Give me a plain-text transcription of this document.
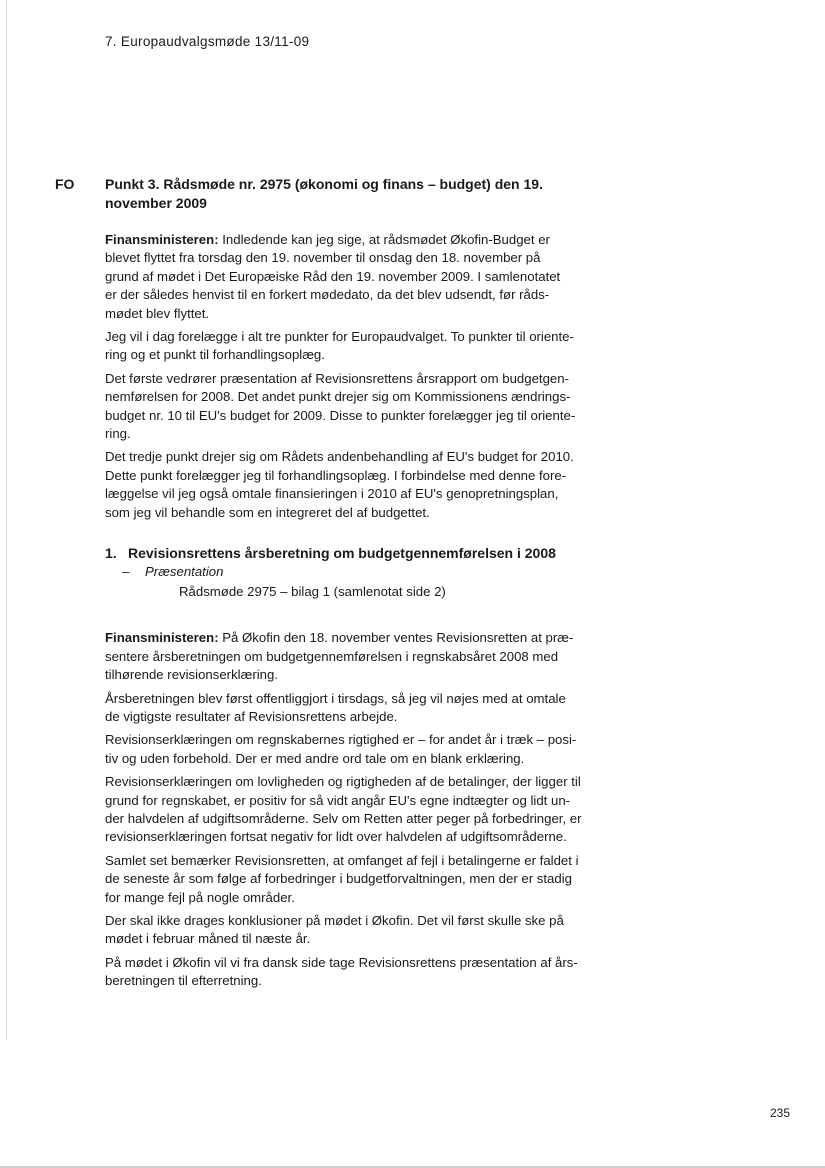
7. Europaudvalgsmøde 13/11-09
FO Punkt 3. Rådsmøde nr. 2975 (økonomi og finans – budget) den 19.
november 2009
Finansministeren: Indledende kan jeg sige, at rådsmødet Økofin-Budget er
blevet flyttet fra torsdag den 19. november til onsdag den 18. november på
grund af mødet i Det Europæiske Råd den 19. november 2009. I samlenotatet
er der således henvist til en forkert mødedato, da det blev udsendt, før råds-
mødet blev flyttet.
Jeg vil i dag forelægge i alt tre punkter for Europaudvalget. To punkter til oriente-
ring og et punkt til forhandlingsoplæg.
Det første vedrører præsentation af Revisionsrettens årsrapport om budgetgen-
nemførelsen for 2008. Det andet punkt drejer sig om Kommissionens ændrings-
budget nr. 10 til EU's budget for 2009. Disse to punkter forelægger jeg til oriente-
ring.
Det tredje punkt drejer sig om Rådets andenbehandling af EU's budget for 2010.
Dette punkt forelægger jeg til forhandlingsoplæg. I forbindelse med denne fore-
læggelse vil jeg også omtale finansieringen i 2010 af EU's genopretningsplan,
som jeg vil behandle som en integreret del af budgettet.
1. Revisionsrettens årsberetning om budgetgennemførelsen i 2008
– Præsentation
Rådsmøde 2975 – bilag 1 (samlenotat side 2)
Finansministeren: På Økofin den 18. november ventes Revisionsretten at præ-
sentere årsberetningen om budgetgennemførelsen i regnskabsåret 2008 med
tilhørende revisionserklæring.
Årsberetningen blev først offentliggjort i tirsdags, så jeg vil nøjes med at omtale
de vigtigste resultater af Revisionsrettens arbejde.
Revisionserklæringen om regnskabernes rigtighed er – for andet år i træk – posi-
tiv og uden forbehold. Der er med andre ord tale om en blank erklæring.
Revisionserklæringen om lovligheden og rigtigheden af de betalinger, der ligger til
grund for regnskabet, er positiv for så vidt angår EU's egne indtægter og lidt un-
der halvdelen af udgiftsområderne. Selv om Retten atter peger på forbedringer, er
revisionserklæringen fortsat negativ for lidt over halvdelen af udgiftsområderne.
Samlet set bemærker Revisionsretten, at omfanget af fejl i betalingerne er faldet i
de seneste år som følge af forbedringer i budgetforvaltningen, men der er stadig
for mange fejl på nogle områder.
Der skal ikke drages konklusioner på mødet i Økofin. Det vil først skulle ske på
mødet i februar måned til næste år.
På mødet i Økofin vil vi fra dansk side tage Revisionsrettens præsentation af års-
beretningen til efterretning.
235
